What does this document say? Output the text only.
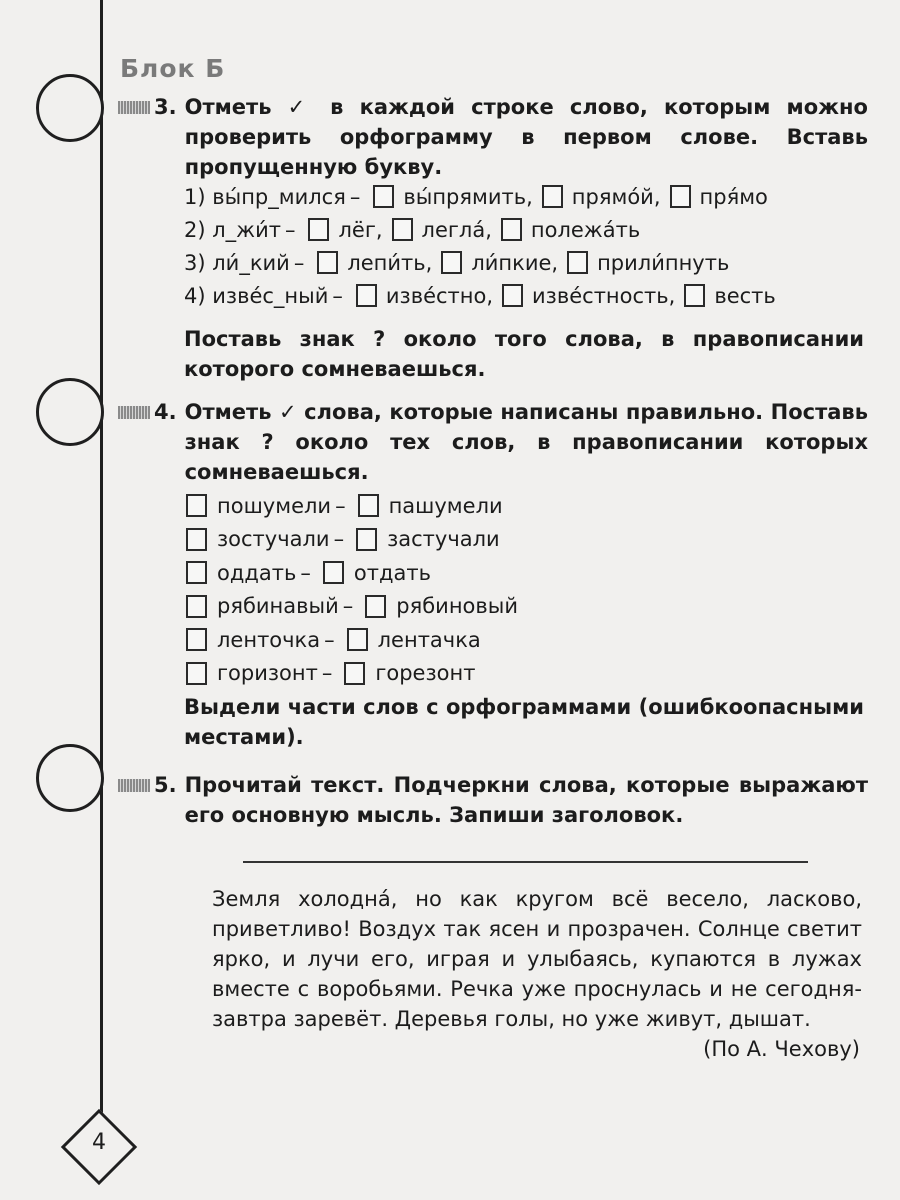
Блок Б
3. Отметь ✓ в каждой строке слово, которым можно проверить орфограмму в первом слове. Вставь пропущенную букву.
1)
вы́пр_мился – вы́прямить, прямо́й, пря́мо
2)
л_жи́т – лёг, легла́, полежа́ть
3)
ли́_кий – лепи́ть, ли́пкие, прили́пнуть
4)
изве́с_ный – изве́стно, изве́стность, весть
Поставь знак ? около того слова, в правописании которого сомневаешься.
4. Отметь ✓ слова, которые написаны правильно. Поставь знак ? около тех слов, в правописании которых сомневаешься.
пошумели – пашумели
зостучали – застучали
оддать – отдать
рябинавый – рябиновый
ленточка – лентачка
горизонт – горезонт
Выдели части слов с орфограммами (ошибкоопасными местами).
5. Прочитай текст. Подчеркни слова, которые выражают его основную мысль. Запиши заголовок.
Земля холодна́, но как кругом всё весело, ласково, приветливо! Воздух так ясен и прозрачен. Солнце светит ярко, и лучи его, играя и улыбаясь, купаются в лужах вместе с воробьями. Речка уже проснулась и не сегодня-завтра заревёт. Деревья голы, но уже живут, дышат.
(По А. Чехову)
4
